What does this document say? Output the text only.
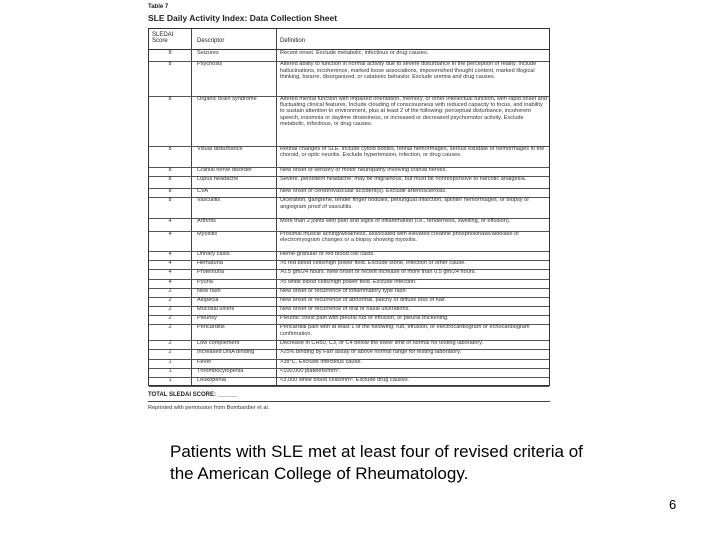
Table 7
SLE Daily Activity Index: Data Collection Sheet
SLEDAI Score	Descriptor	Definition
8	Seizures	Recent onset. Exclude metabolic, infectious or drug causes.
8	Psychosis	Altered ability to function in normal activity due to severe disturbance in the perception of reality. Include hallucinations, incoherence, marked loose associations, impoverished thought content, marked illogical thinking, bizarre, disorganized, or catatonic behavior. Exclude uremia and drug causes.
8	Organic brain syndrome	Altered mental function with impaired orientation, memory, or other intellectual function, with rapid onset and fluctuating clinical features. Include clouding of consciousness with reduced capacity to focus, and inability to sustain attention to environment, plus at least 2 of the following: perceptual disturbance, incoherent speech, insomnia or daytime drowsiness, or increased or decreased psychomotor activity. Exclude metabolic, infectious, or drug causes.
8	Visual disturbance	Retinal changes of SLE. Include cytoid bodies, retinal hemorrhages, serous exudate or hemorrhages in the choroid, or optic neuritis. Exclude hypertension, infection, or drug causes.
8	Cranial nerve disorder	New onset of sensory or motor neuropathy involving cranial nerves.
8	Lupus headache	Severe, persistent headache; may be migrainous, but must be nonresponsive to narcotic analgesia.
8	CVA	New onset of cerebrovascular accident(s). Exclude arteriosclerosis.
8	Vasculitis	Ulceration, gangrene, tender finger nodules, periungual infarction, splinter hemorrhages, or biopsy or angiogram proof of vasculitis.
4	Arthritis	More than 2 joints with pain and signs of inflammation (i.e., tenderness, swelling, or effusion).
4	Myositis	Proximal muscle aching/weakness, associated with elevated creatine phosphokinase/aldolase or electromyogram changes or a biopsy showing myositis.
4	Urinary casts	Heme-granular or red blood cell casts.
4	Hematuria	>5 red blood cells/high power field. Exclude stone, infection or other cause.
4	Proteinuria	>0.5 gm/24 hours. New onset or recent increase of more than 0.5 gm/24 hours.
4	Pyuria	>5 white blood cells/high power field. Exclude infection.
2	New rash	New onset or recurrence of inflammatory type rash.
2	Alopecia	New onset or recurrence of abnormal, patchy or diffuse loss of hair.
2	Mucosal ulcers	New onset or recurrence of oral or nasal ulcerations.
2	Pleurisy	Pleuritic chest pain with pleural rub or effusion, or pleural thickening.
2	Pericarditis	Pericardial pain with at least 1 of the following: rub, effusion, or electrocardiogram or echocardiogram confirmation.
2	Low complement	Decrease in CH50, C3, or C4 below the lower limit of normal for testing laboratory.
2	Increased DNA binding	>25% binding by Farr assay or above normal range for testing laboratory.
1	Fever	>38°C. Exclude infectious cause.
1	Thrombocytopenia	<100,000 platelets/mm³.
1	Leukopenia	<3,000 white blood cells/mm³. Exclude drug causes.
TOTAL SLEDAI SCORE: ______
Reprinted with permission from Bombardier et al.
Patients with SLE met at least four of revised criteria of the American College of Rheumatology.
6
